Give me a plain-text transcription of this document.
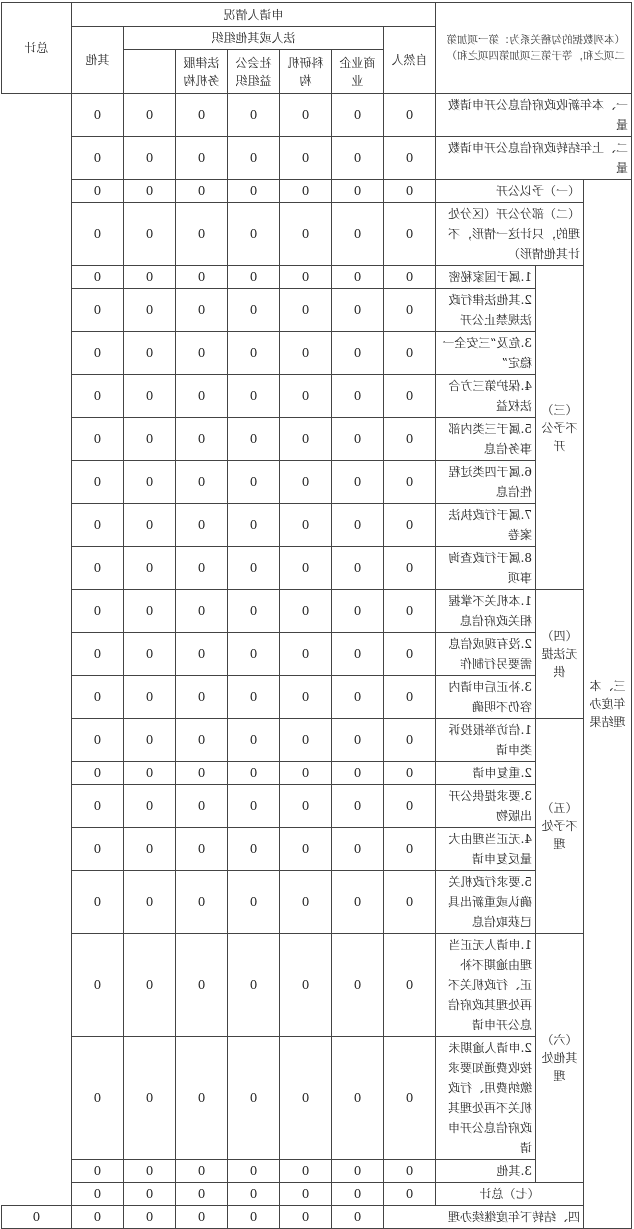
（本列数据的勾稽关系为：第一项加第二项之和，等于第三项加第四项之和）			申请人情况							总计
			自然人	法人或其他组织					其他	
				商业企业	科研机构	社会公益组织	法律服务机构		
一、本年新收政府信息公开申请数量			0	0	0	0	0	0	0	
二、上年结转政府信息公开申请数量			0	0	0	0	0	0	0	
三、本年度办理结果	（一）予以公开		0	0	0	0	0	0	0	
	（二）部分公开（区分处理的，只计这一情形，不计其他情形）		0	0	0	0	0	0	0	
	（三）不予公开	1.属于国家秘密	0	0	0	0	0	0	0	
		2.其他法律行政法规禁止公开	0	0	0	0	0	0	0	
		3.危及“三安全一稳定”	0	0	0	0	0	0	0	
		4.保护第三方合法权益	0	0	0	0	0	0	0	
		5.属于三类内部事务信息	0	0	0	0	0	0	0	
		6.属于四类过程性信息	0	0	0	0	0	0	0	
		7.属于行政执法案卷	0	0	0	0	0	0	0	
		8.属于行政查询事项	0	0	0	0	0	0	0	

	（四）无法提供	1.本机关不掌握相关政府信息	0	0	0	0	0	0	0	
		2.没有现成信息需要另行制作	0	0	0	0	0	0	0	
		3.补正后申请内容仍不明确	0	0	0	0	0	0	0	
	（五）不予处理	1.信访举报投诉类申请	0	0	0	0	0	0	0	
		2.重复申请	0	0	0	0	0	0	0	
		3.要求提供公开出版物	0	0	0	0	0	0	0	
		4.无正当理由大量反复申请	0	0	0	0	0	0	0	
		5.要求行政机关确认或重新出具已获取信息	0	0	0	0	0	0	0	
	（六）其他处理	1.申请人无正当理由逾期不补正、行政机关不再处理其政府信息公开申请	0	0	0	0	0	0	0	
		2.申请人逾期未按收费通知要求缴纳费用、行政机关不再处理其政府信息公开申请	0	0	0	0	0	0	0	
		3.其他	0	0	0	0	0	0	0	
	（七）总计		0	0	0	0	0	0	0	
	四、结转下年度继续办理			0	0	0	0	0	0	0
